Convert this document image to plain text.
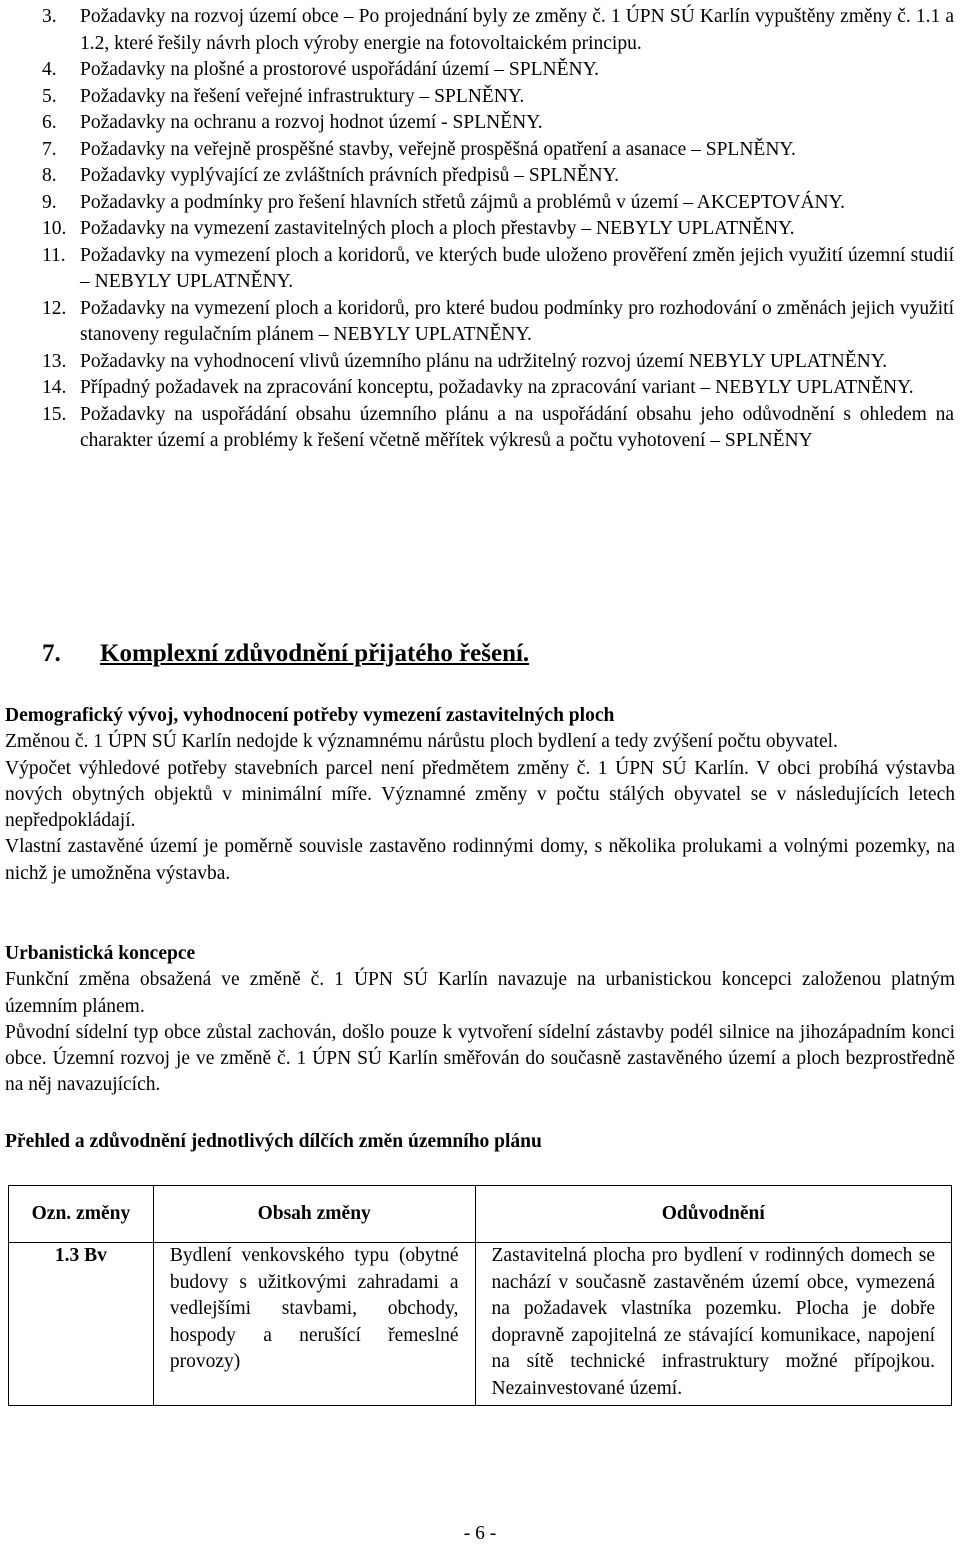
3. Požadavky na rozvoj území obce – Po projednání byly ze změny č. 1 ÚPN SÚ Karlín vypuštěny změny č. 1.1 a 1.2, které řešily návrh ploch výroby energie na fotovoltaickém principu.
4. Požadavky na plošné a prostorové uspořádání území – SPLNĚNY.
5. Požadavky na řešení veřejné infrastruktury – SPLNĚNY.
6. Požadavky na ochranu a rozvoj hodnot území - SPLNĚNY.
7. Požadavky na veřejně prospěšné stavby, veřejně prospěšná opatření a asanace – SPLNĚNY.
8. Požadavky vyplývající ze zvláštních právních předpisů – SPLNĚNY.
9. Požadavky a podmínky pro řešení hlavních střetů zájmů a problémů v území – AKCEPTOVÁNY.
10. Požadavky na vymezení zastavitelných ploch a ploch přestavby – NEBYLY UPLATNĚNY.
11. Požadavky na vymezení ploch a koridorů, ve kterých bude uloženo prověření změn jejich využití územní studií – NEBYLY UPLATNĚNY.
12. Požadavky na vymezení ploch a koridorů, pro které budou podmínky pro rozhodování o změnách jejich využití stanoveny regulačním plánem – NEBYLY UPLATNĚNY.
13. Požadavky na vyhodnocení vlivů územního plánu na udržitelný rozvoj území NEBYLY UPLATNĚNY.
14. Případný požadavek na zpracování konceptu, požadavky na zpracování variant – NEBYLY UPLATNĚNY.
15. Požadavky na uspořádání obsahu územního plánu a na uspořádání obsahu jeho odůvodnění s ohledem na charakter území a problémy k řešení včetně měřítek výkresů a počtu vyhotovení – SPLNĚNY
7. Komplexní zdůvodnění přijatého řešení.
Demografický vývoj, vyhodnocení potřeby vymezení zastavitelných ploch

Změnou č. 1 ÚPN SÚ Karlín nedojde k významnému nárůstu ploch bydlení a tedy zvýšení počtu obyvatel.

Výpočet výhledové potřeby stavebních parcel není předmětem změny č. 1 ÚPN SÚ Karlín. V obci probíhá výstavba nových obytných objektů v minimální míře. Významné změny v počtu stálých obyvatel se v následujících letech nepředpokládají.

Vlastní zastavěné území je poměrně souvisle zastavěno rodinnými domy, s několika prolukami a volnými pozemky, na nichž je umožněna výstavba.

Urbanistická koncepce

Funkční změna obsažená ve změně č. 1 ÚPN SÚ Karlín navazuje na urbanistickou koncepci založenou platným územním plánem.

Původní sídelní typ obce zůstal zachován, došlo pouze k vytvoření sídelní zástavby podél silnice na jihozápadním konci obce. Územní rozvoj je ve změně č. 1 ÚPN SÚ Karlín směřován do současně zastavěného území a ploch bezprostředně na něj navazujících.

Přehled a zdůvodnění jednotlivých dílčích změn územního plánu
Ozn. změny	Obsah změny	Odůvodnění
1.3 Bv	Bydlení venkovského typu (obytné budovy s užitkovými zahradami a vedlejšími stavbami, obchody, hospody a nerušící řemeslné provozy)	Zastavitelná plocha pro bydlení v rodinných domech se nachází v současně zastavěném území obce, vymezená na požadavek vlastníka pozemku. Plocha je dobře dopravně zapojitelná ze stávající komunikace, napojení na sítě technické infrastruktury možné přípojkou. Nezainvestované území.
- 6 -
